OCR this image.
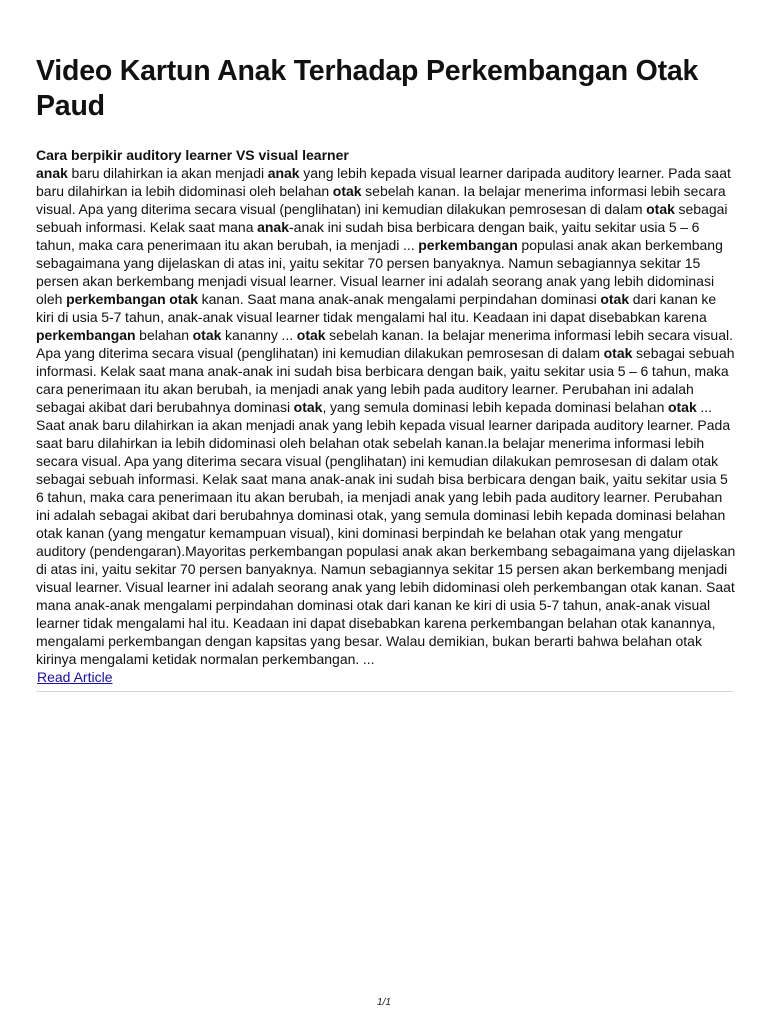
Video Kartun Anak Terhadap Perkembangan Otak Paud
Cara berpikir auditory learner VS visual learner

anak baru dilahirkan ia akan menjadi anak yang lebih kepada visual learner daripada auditory learner. Pada saat baru dilahirkan ia lebih didominasi oleh belahan otak sebelah kanan. Ia belajar menerima informasi lebih secara visual. Apa yang diterima secara visual (penglihatan) ini kemudian dilakukan pemrosesan di dalam otak sebagai sebuah informasi. Kelak saat mana anak-anak ini sudah bisa berbicara dengan baik, yaitu sekitar usia 5 – 6 tahun, maka cara penerimaan itu akan berubah, ia menjadi ... perkembangan populasi anak akan berkembang sebagaimana yang dijelaskan di atas ini, yaitu sekitar 70 persen banyaknya. Namun sebagiannya sekitar 15 persen akan berkembang menjadi visual learner. Visual learner ini adalah seorang anak yang lebih didominasi oleh perkembangan otak kanan. Saat mana anak-anak mengalami perpindahan dominasi otak dari kanan ke kiri di usia 5-7 tahun, anak-anak visual learner tidak mengalami hal itu. Keadaan ini dapat disebabkan karena perkembangan belahan otak kananny ... otak sebelah kanan. Ia belajar menerima informasi lebih secara visual. Apa yang diterima secara visual (penglihatan) ini kemudian dilakukan pemrosesan di dalam otak sebagai sebuah informasi. Kelak saat mana anak-anak ini sudah bisa berbicara dengan baik, yaitu sekitar usia 5 – 6 tahun, maka cara penerimaan itu akan berubah, ia menjadi anak yang lebih pada auditory learner. Perubahan ini adalah sebagai akibat dari berubahnya dominasi otak, yang semula dominasi lebih kepada dominasi belahan otak ...

Saat anak baru dilahirkan ia akan menjadi anak yang lebih kepada visual learner daripada auditory learner. Pada saat baru dilahirkan ia lebih didominasi oleh belahan otak sebelah kanan.Ia belajar menerima informasi lebih secara visual. Apa yang diterima secara visual (penglihatan) ini kemudian dilakukan pemrosesan di dalam otak sebagai sebuah informasi. Kelak saat mana anak-anak ini sudah bisa berbicara dengan baik, yaitu sekitar usia 5 6 tahun, maka cara penerimaan itu akan berubah, ia menjadi anak yang lebih pada auditory learner. Perubahan ini adalah sebagai akibat dari berubahnya dominasi otak, yang semula dominasi lebih kepada dominasi belahan otak kanan (yang mengatur kemampuan visual), kini dominasi berpindah ke belahan otak yang mengatur auditory (pendengaran).Mayoritas perkembangan populasi anak akan berkembang sebagaimana yang dijelaskan di atas ini, yaitu sekitar 70 persen banyaknya. Namun sebagiannya sekitar 15 persen akan berkembang menjadi visual learner. Visual learner ini adalah seorang anak yang lebih didominasi oleh perkembangan otak kanan. Saat mana anak-anak mengalami perpindahan dominasi otak dari kanan ke kiri di usia 5-7 tahun, anak-anak visual learner tidak mengalami hal itu. Keadaan ini dapat disebabkan karena perkembangan belahan otak kanannya, mengalami perkembangan dengan kapsitas yang besar. Walau demikian, bukan berarti bahwa belahan otak kirinya mengalami ketidak normalan perkembangan. ...

Read Article
1/1
